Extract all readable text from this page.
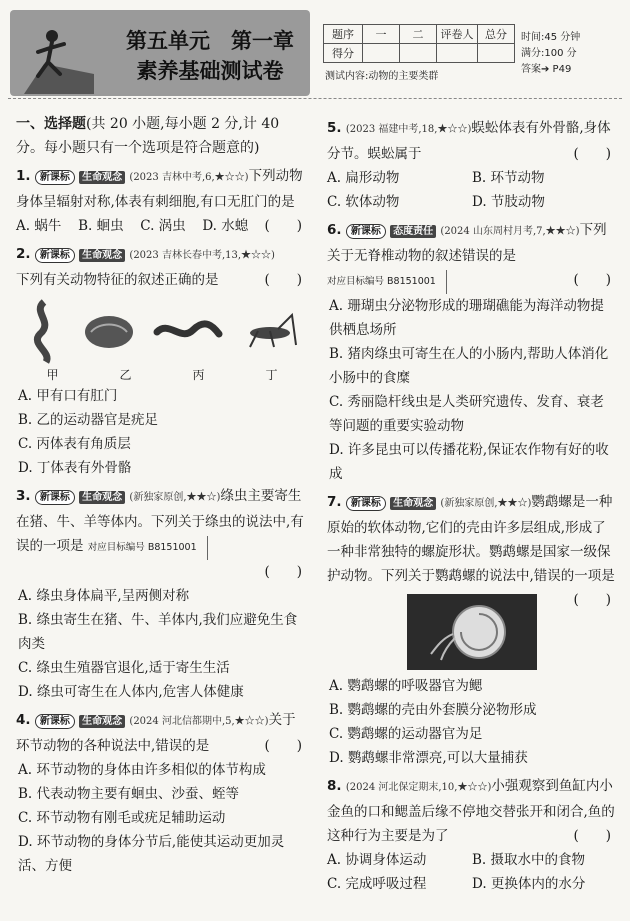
第五单元　第一章
素养基础测试卷
题序	一	二	评卷人	总分
得分				
时间:45 分钟
满分:100 分
答案➔ P49
测试内容:动物的主要类群
一、选择题(共 20 小题,每小题 2 分,计 40 分。每小题只有一个选项是符合题意的)
1. 新课标 生命观念 (2023 吉林中考,6,★☆☆)下列动物身体呈辐射对称,体表有刺细胞,有口无肛门的是
(　　)
A. 蜗牛	B. 蛔虫	C. 涡虫	D. 水螅
2. 新课标 生命观念 (2023 吉林长春中考,13,★☆☆)
下列有关动物特征的叙述正确的是	(　　)
甲	乙	丙	丁
A. 甲有口有肛门
B. 乙的运动器官是疣足
C. 丙体表有角质层
D. 丁体表有外骨骼
3. 新课标 生命观念 (新独家原创,★★☆)绦虫主要寄生在猪、牛、羊等体内。下列关于绦虫的说法中,有误的一项是 对应目标编号 B8151001
(　　)
A. 绦虫身体扁平,呈两侧对称
B. 绦虫寄生在猪、牛、羊体内,我们应避免生食肉类
C. 绦虫生殖器官退化,适于寄生生活
D. 绦虫可寄生在人体内,危害人体健康
4. 新课标 生命观念 (2024 河北信都期中,5,★☆☆)关于环节动物的各种说法中,错误的是	(　　)
A. 环节动物的身体由许多相似的体节构成
B. 代表动物主要有蛔虫、沙蚕、蛭等
C. 环节动物有刚毛或疣足辅助运动
D. 环节动物的身体分节后,能使其运动更加灵活、方便
5. (2023 福建中考,18,★☆☆)蜈蚣体表有外骨骼,身体分节。蜈蚣属于	(　　)
A. 扁形动物	B. 环节动物
C. 软体动物	D. 节肢动物
6. 新课标 态度责任 (2024 山东周村月考,7,★★☆)下列关于无脊椎动物的叙述错误的是
对应目标编号 B8151001	(　　)
A. 珊瑚虫分泌物形成的珊瑚礁能为海洋动物提供栖息场所
B. 猪肉绦虫可寄生在人的小肠内,帮助人体消化小肠中的食糜
C. 秀丽隐杆线虫是人类研究遗传、发育、衰老等问题的重要实验动物
D. 许多昆虫可以传播花粉,保证农作物有好的收成
7. 新课标 生命观念 (新独家原创,★★☆)鹦鹉螺是一种原始的软体动物,它们的壳由许多层组成,形成了一种非常独特的螺旋形状。鹦鹉螺是国家一级保护动物。下列关于鹦鹉螺的说法中,错误的一项是
(　　)
A. 鹦鹉螺的呼吸器官为鳃
B. 鹦鹉螺的壳由外套膜分泌物形成
C. 鹦鹉螺的运动器官为足
D. 鹦鹉螺非常漂亮,可以大量捕获
8. (2024 河北保定期末,10,★☆☆)小强观察到鱼缸内小金鱼的口和鳃盖后缘不停地交替张开和闭合,鱼的这种行为主要是为了	(　　)
A. 协调身体运动	B. 摄取水中的食物
C. 完成呼吸过程	D. 更换体内的水分
